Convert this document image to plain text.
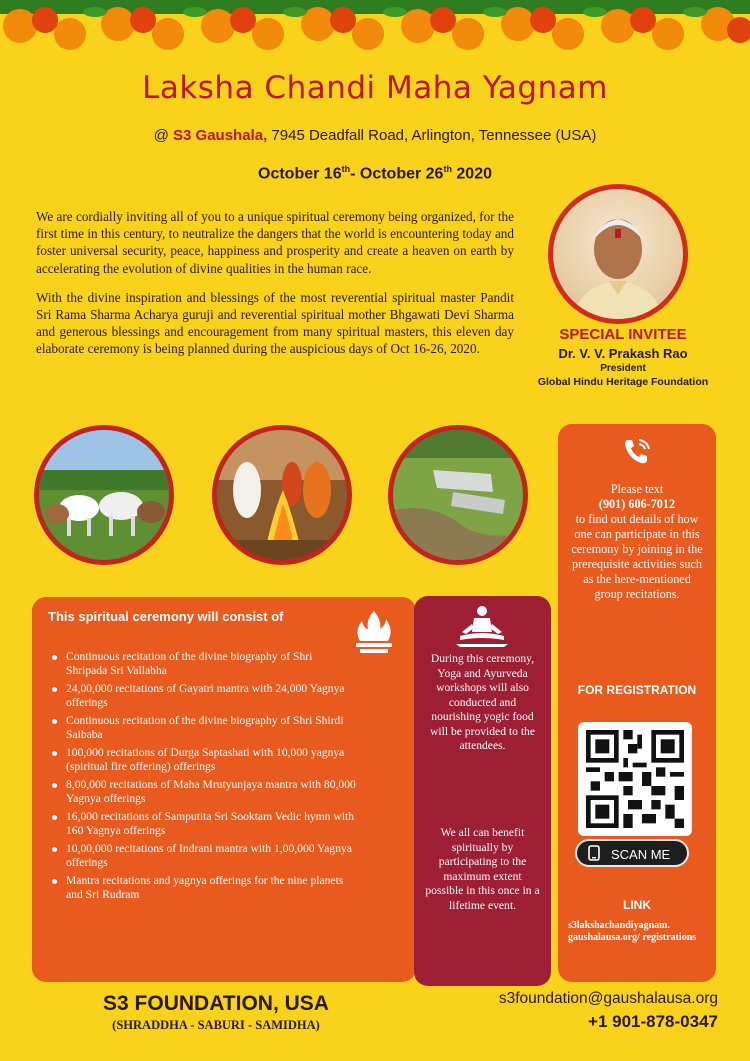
Laksha Chandi Maha Yagnam
@ S3 Gaushala, 7945 Deadfall Road, Arlington, Tennessee (USA)
October 16th- October 26th 2020

We are cordially inviting all of you to a unique spiritual ceremony being organized, for the first time in this century, to neutralize the dangers that the world is encountering today and foster universal security, peace, happiness and prosperity and create a heaven on earth by accelerating the evolution of divine qualities in the human race.

With the divine inspiration and blessings of the most reverential spiritual master Pandit Sri Rama Sharma Acharya guruji and reverential spiritual mother Bhgawati Devi Sharma and generous blessings and encouragement from many spiritual masters, this eleven day elaborate ceremony is being planned during the auspicious days of Oct 16-26, 2020.

SPECIAL INVITEE
Dr. V. V. Prakash Rao
President
Global Hindu Heritage Foundation
This spiritual ceremony will consist of
Continuous recitation of the divine biography of Shri Shripada Sri Vallabha
24,00,000 recitations of Gayatri mantra with 24,000 Yagnya offerings
Continuous recitation of the divine biography of Shri Shirdi Saibaba
100,000 recitations of Durga Saptashati with 10,000 yagnya (spiritual fire offering) offerings
8,00,000 recitations of Maha Mrutyunjaya mantra with 80,000 Yagnya offerings
16,000 recitations of Samputita Sri Sooktam Vedic hymn with 160 Yagnya offerings
10,00,000 recitations of Indrani mantra with 1,00,000 Yagnya offerings
Mantra recitations and yagnya offerings for the nine planets and Sri Rudram
During this ceremony, Yoga and Ayurveda workshops will also conducted and nourishing yogic food will be provided to the attendees.
We all can benefit spiritually by participating to the maximum extent possible in this once in a lifetime event.
Please text
(901) 606-7012
to find out details of how one can participate in this ceremony by joining in the prerequisite activities such as the here-mentioned group recitations.
FOR REGISTRATION
SCAN ME
LINK
s3lakshachandiyagnam. gaushalausa.org/ registrations
S3 FOUNDATION, USA
(SHRADDHA - SABURI - SAMIDHA)
s3foundation@gaushalausa.org
+1 901-878-0347
